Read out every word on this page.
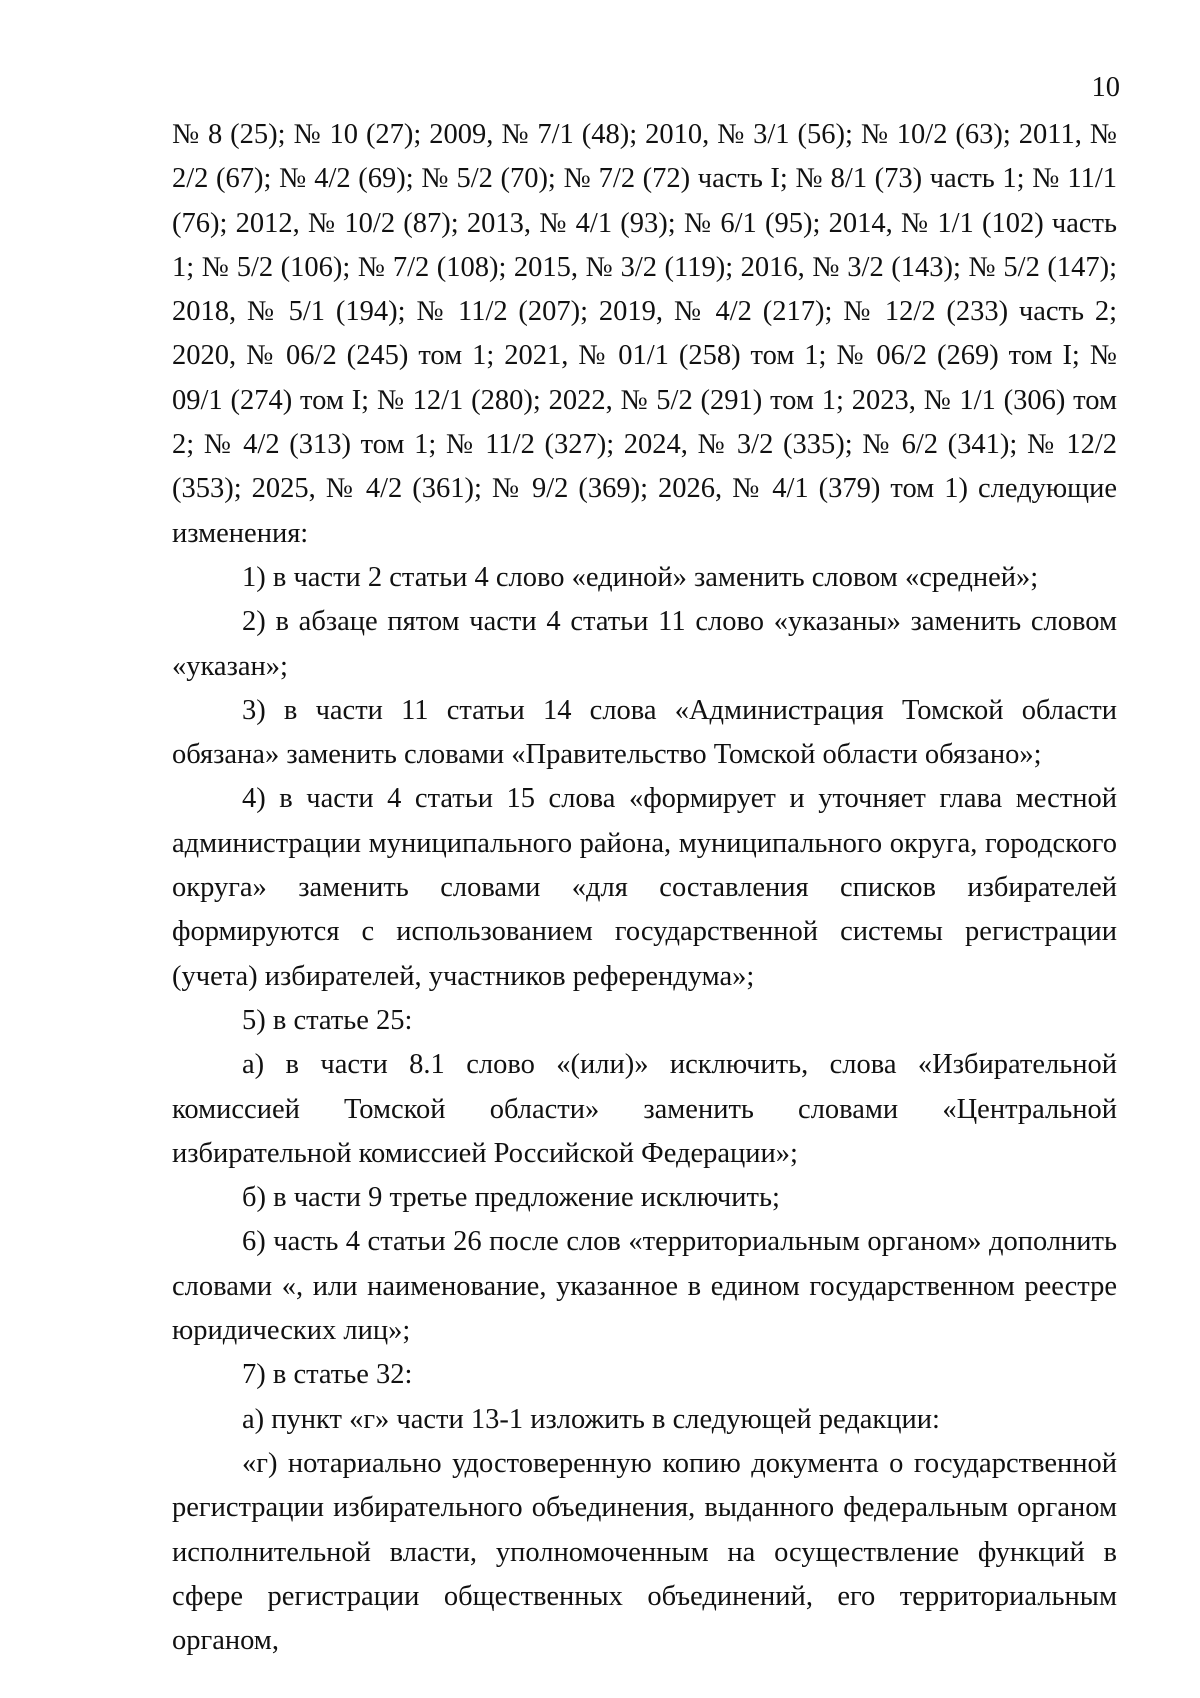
10

№ 8 (25); № 10 (27); 2009, № 7/1 (48); 2010, № 3/1 (56); № 10/2 (63); 2011, № 2/2 (67); № 4/2 (69); № 5/2 (70); № 7/2 (72) часть I; № 8/1 (73) часть 1; № 11/1 (76); 2012, № 10/2 (87); 2013, № 4/1 (93); № 6/1 (95); 2014, № 1/1 (102) часть 1; № 5/2 (106); № 7/2 (108); 2015, № 3/2 (119); 2016, № 3/2 (143); № 5/2 (147); 2018, № 5/1 (194); № 11/2 (207); 2019, № 4/2 (217); № 12/2 (233) часть 2; 2020, № 06/2 (245) том 1; 2021, № 01/1 (258) том 1; № 06/2 (269) том I; № 09/1 (274) том I; № 12/1 (280); 2022, № 5/2 (291) том 1; 2023, № 1/1 (306) том 2; № 4/2 (313) том 1; № 11/2 (327); 2024, № 3/2 (335); № 6/2 (341); № 12/2 (353); 2025, № 4/2 (361); № 9/2 (369); 2026, № 4/1 (379) том 1) следующие изменения:

1) в части 2 статьи 4 слово «единой» заменить словом «средней»;

2) в абзаце пятом части 4 статьи 11 слово «указаны» заменить словом «указан»;

3) в части 11 статьи 14 слова «Администрация Томской области обязана» заменить словами «Правительство Томской области обязано»;

4) в части 4 статьи 15 слова «формирует и уточняет глава местной администрации муниципального района, муниципального округа, городского округа» заменить словами «для составления списков избирателей формируются с использованием государственной системы регистрации (учета) избирателей, участников референдума»;

5) в статье 25:

а) в части 8.1 слово «(или)» исключить, слова «Избирательной комиссией Томской области» заменить словами «Центральной избирательной комиссией Российской Федерации»;

б) в части 9 третье предложение исключить;

6) часть 4 статьи 26 после слов «территориальным органом» дополнить словами «, или наименование, указанное в едином государственном реестре юридических лиц»;

7) в статье 32:

а) пункт «г» части 13-1 изложить в следующей редакции:

«г) нотариально удостоверенную копию документа о государственной регистрации избирательного объединения, выданного федеральным органом исполнительной власти, уполномоченным на осуществление функций в сфере регистрации общественных объединений, его территориальным органом,
